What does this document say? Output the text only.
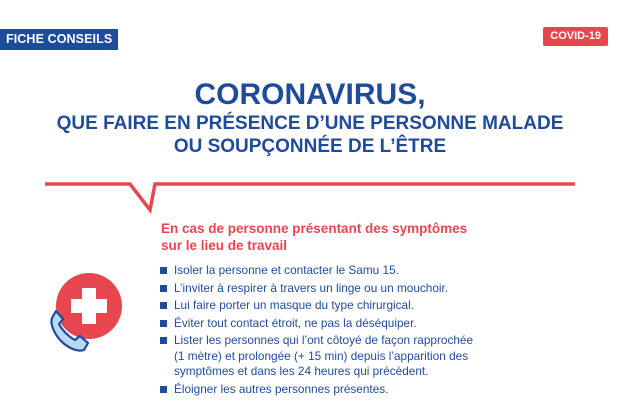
FICHE CONSEILS	COVID-19
CORONAVIRUS,
QUE FAIRE EN PRÉSENCE D’UNE PERSONNE MALADE
OU SOUPÇONNÉE DE L’ÊTRE
En cas de personne présentant des symptômes
sur le lieu de travail
Isoler la personne et contacter le Samu 15.
L’inviter à respirer à travers un linge ou un mouchoir.
Lui faire porter un masque du type chirurgical.
Éviter tout contact étroit, ne pas la déséquiper.
Lister les personnes qui l’ont côtoyé de façon rapprochée
(1 mètre) et prolongée (+ 15 min) depuis l’apparition des
symptômes et dans les 24 heures qui précèdent.
Éloigner les autres personnes présentes.
